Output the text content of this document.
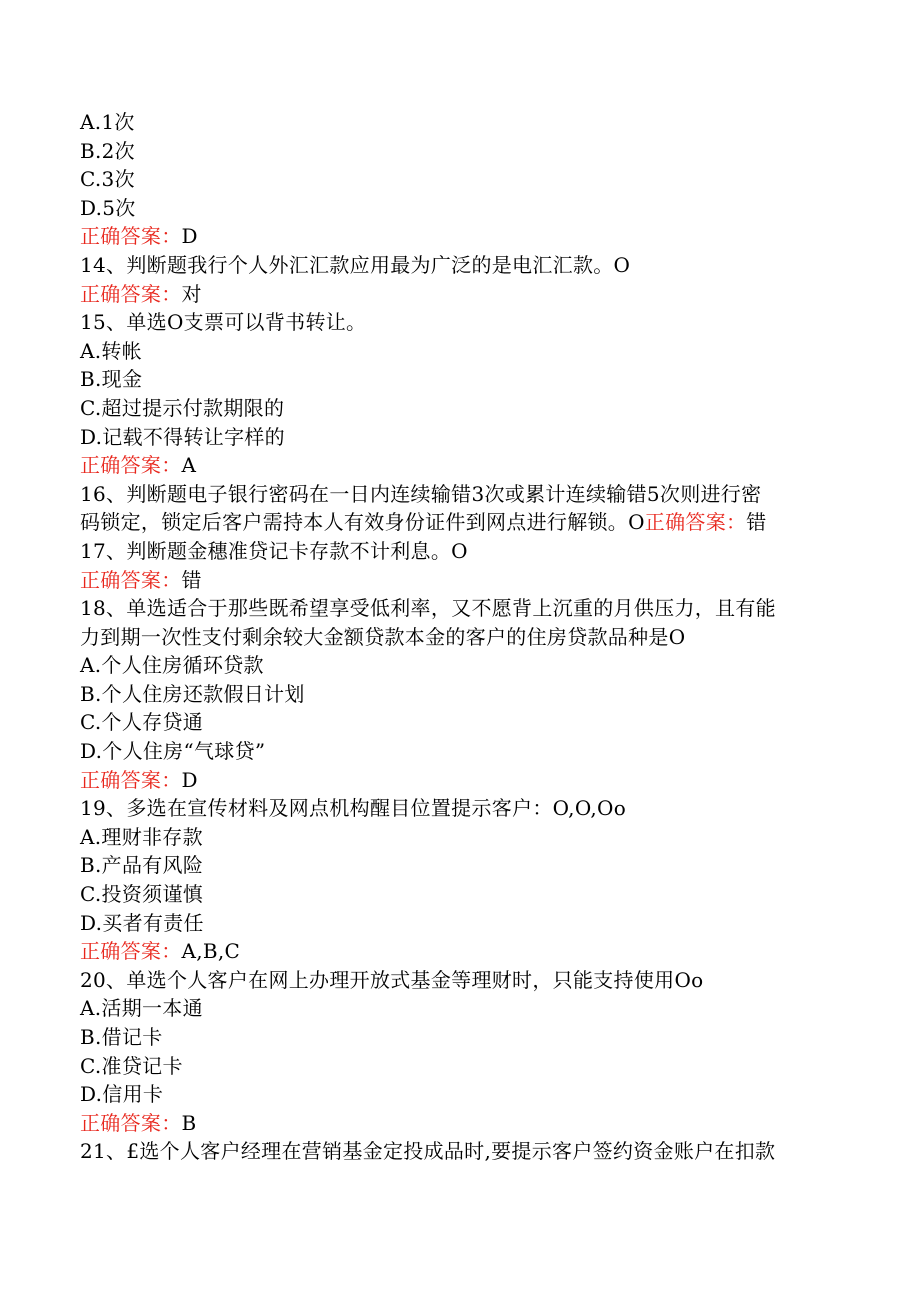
A.1次
B.2次
C.3次
D.5次
正确答案：D
14、判断题我行个人外汇汇款应用最为广泛的是电汇汇款。O
正确答案：对
15、单选O支票可以背书转让。
A.转帐
B.现金
C.超过提示付款期限的
D.记载不得转让字样的
正确答案：A
16、判断题电子银行密码在一日内连续输错3次或累计连续输错5次则进行密
码锁定，锁定后客户需持本人有效身份证件到网点进行解锁。O正确答案：错
17、判断题金穗准贷记卡存款不计利息。O
正确答案：错
18、单选适合于那些既希望享受低利率，又不愿背上沉重的月供压力，且有能
力到期一次性支付剩余较大金额贷款本金的客户的住房贷款品种是O
A.个人住房循环贷款
B.个人住房还款假日计划
C.个人存贷通
D.个人住房“气球贷”
正确答案：D
19、多选在宣传材料及网点机构醒目位置提示客户：O,O,Oo
A.理财非存款
B.产品有风险
C.投资须谨慎
D.买者有责任
正确答案：A,B,C
20、单选个人客户在网上办理开放式基金等理财时，只能支持使用Oo
A.活期一本通
B.借记卡
C.准贷记卡
D.信用卡
正确答案：B
21、£选个人客户经理在营销基金定投成品时,要提示客户签约资金账户在扣款
